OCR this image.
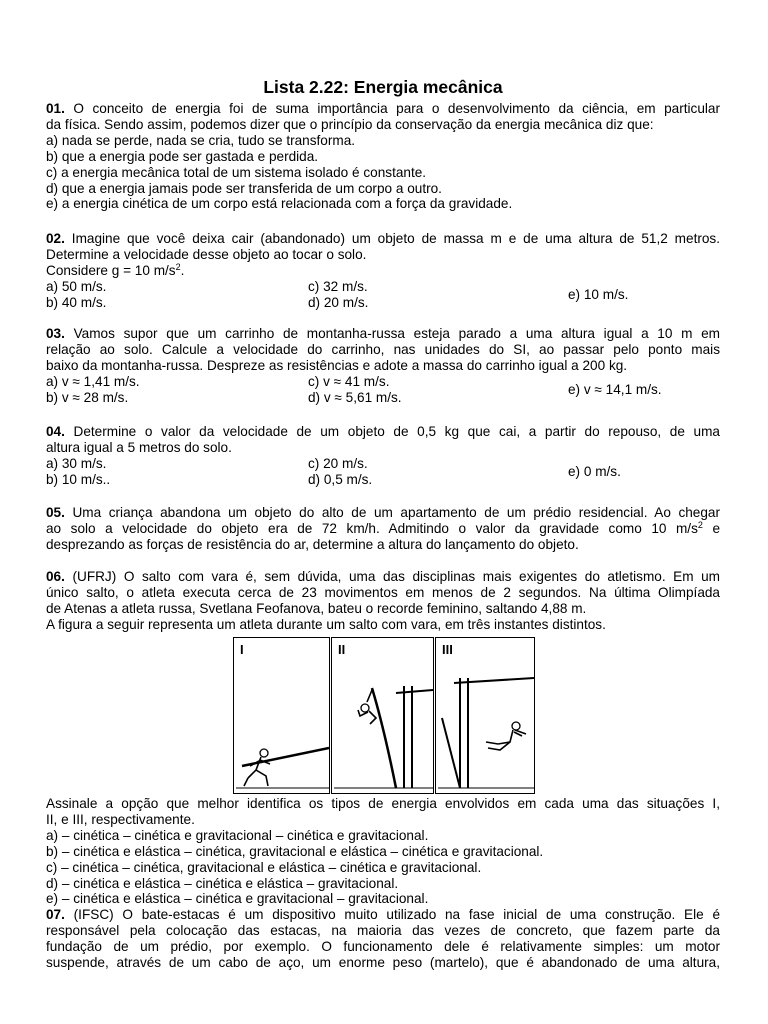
Lista 2.22: Energia mecânica
01. O conceito de energia foi de suma importância para o desenvolvimento da ciência, em particular
da física. Sendo assim, podemos dizer que o princípio da conservação da energia mecânica diz que:
a) nada se perde, nada se cria, tudo se transforma.
b) que a energia pode ser gastada e perdida.
c) a energia mecânica total de um sistema isolado é constante.
d) que a energia jamais pode ser transferida de um corpo a outro.
e) a energia cinética de um corpo está relacionada com a força da gravidade.
02. Imagine que você deixa cair (abandonado) um objeto de massa m e de uma altura de 51,2 metros.
Determine a velocidade desse objeto ao tocar o solo.
Considere g = 10 $m/s^2$.
a) 50 m/s.
b) 40 m/s.
c) 32 m/s.
d) 20 m/s.
e) 10 m/s.
03. Vamos supor que um carrinho de montanha-russa esteja parado a uma altura igual a 10 m em
relação ao solo. Calcule a velocidade do carrinho, nas unidades do SI, ao passar pelo ponto mais
baixo da montanha-russa. Despreze as resistências e adote a massa do carrinho igual a 200 kg.
a) v ≈ 1,41 m/s.
b) v ≈ 28 m/s.
c) v ≈ 41 m/s.
d) v ≈ 5,61 m/s.
e) v ≈ 14,1 m/s.
04. Determine o valor da velocidade de um objeto de 0,5 kg que cai, a partir do repouso, de uma
altura igual a 5 metros do solo.
a) 30 m/s.
b) 10 m/s..
c) 20 m/s.
d) 0,5 m/s.
e) 0 m/s.
05. Uma criança abandona um objeto do alto de um apartamento de um prédio residencial. Ao chegar
ao solo a velocidade do objeto era de 72 km/h. Admitindo o valor da gravidade como 10 $m/s^2$ e
desprezando as forças de resistência do ar, determine a altura do lançamento do objeto.
06. (UFRJ) O salto com vara é, sem dúvida, uma das disciplinas mais exigentes do atletismo. Em um
único salto, o atleta executa cerca de 23 movimentos em menos de 2 segundos. Na última Olimpíada
de Atenas a atleta russa, Svetlana Feofanova, bateu o recorde feminino, saltando 4,88 m.
A figura a seguir representa um atleta durante um salto com vara, em três instantes distintos.
I	II	III
Assinale a opção que melhor identifica os tipos de energia envolvidos em cada uma das situações I,
II, e III, respectivamente.
a) – cinética – cinética e gravitacional – cinética e gravitacional.
b) – cinética e elástica – cinética, gravitacional e elástica – cinética e gravitacional.
c) – cinética – cinética, gravitacional e elástica – cinética e gravitacional.
d) – cinética e elástica – cinética e elástica – gravitacional.
e) – cinética e elástica – cinética e gravitacional – gravitacional.
07. (IFSC) O bate-estacas é um dispositivo muito utilizado na fase inicial de uma construção. Ele é
responsável pela colocação das estacas, na maioria das vezes de concreto, que fazem parte da
fundação de um prédio, por exemplo. O funcionamento dele é relativamente simples: um motor
suspende, através de um cabo de aço, um enorme peso (martelo), que é abandonado de uma altura,
